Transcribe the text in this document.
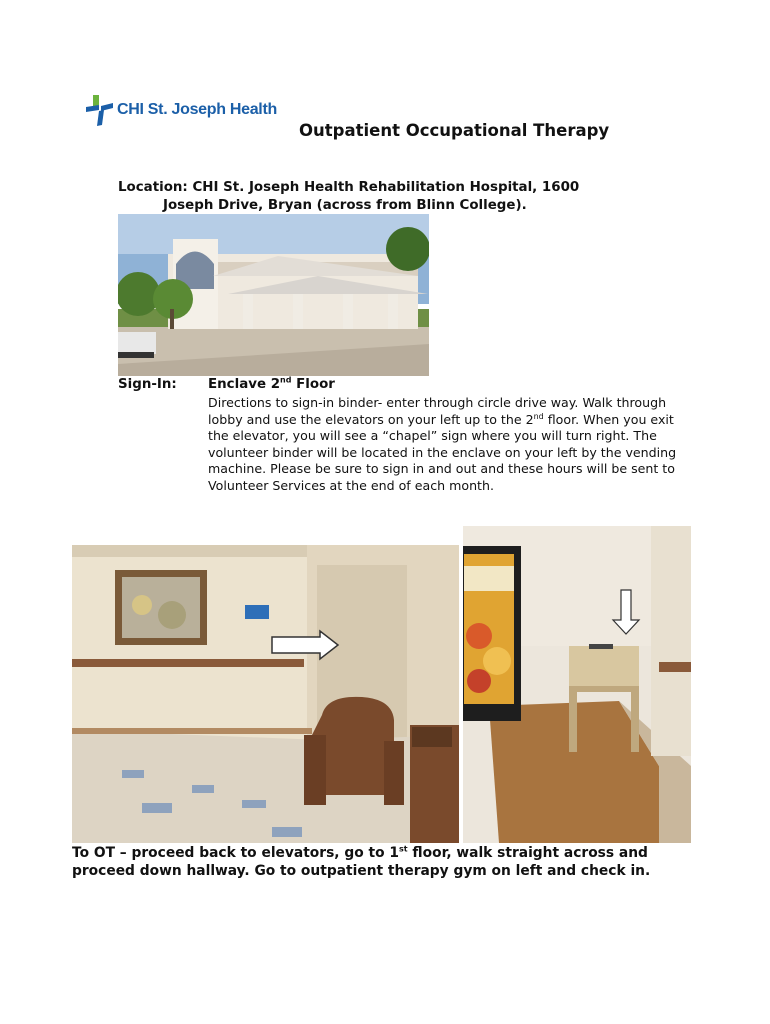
CHI St. Joseph Health
Outpatient Occupational Therapy
Location: CHI St. Joseph Health Rehabilitation Hospital, 1600
Joseph Drive, Bryan (across from Blinn College).
Sign-In: Enclave 2nd Floor
Directions to sign-in binder- enter through circle drive way. Walk through lobby and use the elevators on your left up to the 2nd floor. When you exit the elevator, you will see a “chapel” sign where you will turn right. The volunteer binder will be located in the enclave on your left by the vending machine. Please be sure to sign in and out and these hours will be sent to Volunteer Services at the end of each month.
To OT – proceed back to elevators, go to 1st floor, walk straight across and proceed down hallway. Go to outpatient therapy gym on left and check in.
